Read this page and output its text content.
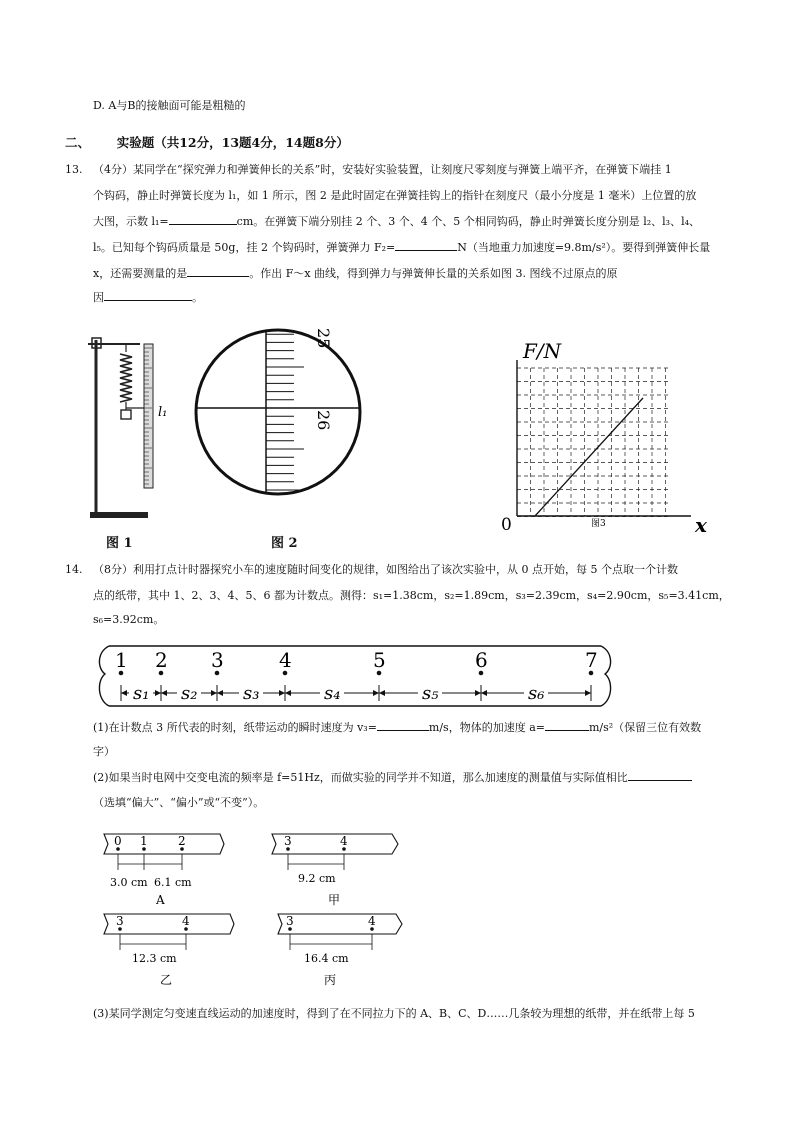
D. A与B的接触面可能是粗糙的
二、 实验题（共12分，13题4分，14题8分）
13. （4分）某同学在“探究弹力和弹簧伸长的关系”时，安装好实验装置，让刻度尺零刻度与弹簧上端平齐，在弹簧下端挂 1
个钩码，静止时弹簧长度为 l₁，如 1 所示，图 2 是此时固定在弹簧挂钩上的指针在刻度尺（最小分度是 1 毫米）上位置的放
大图，示数 l₁=	cm。在弹簧下端分别挂 2 个、3 个、4 个、5 个相同钩码，静止时弹簧长度分别是 l₂、l₃、l₄、
l₅。已知每个钩码质量是 50g，挂 2 个钩码时，弹簧弹力 F₂=	N（当地重力加速度=9.8m/s²）。要得到弹簧伸长量
x，还需要测量的是	。作出 F～x 曲线，得到弹力与弹簧伸长量的关系如图 3. 图线不过原点的原
因	。
l₁
图 1
25
26
图 2
F/N
0	x
图3
14. （8分）利用打点计时器探究小车的速度随时间变化的规律，如图给出了该次实验中，从 0 点开始，每 5 个点取一个计数
点的纸带，其中 1、2、3、4、5、6 都为计数点。测得：s₁=1.38cm，s₂=1.89cm，s₃=2.39cm，s₄=2.90cm，s₅=3.41cm，
s₆=3.92cm。
1 2 3	4	5	6	7
s₁ s₂	s₃	s₄	s₅	s₆
(1)在计数点 3 所代表的时刻，纸带运动的瞬时速度为 v₃=	m/s，物体的加速度 a=	m/s²（保留三位有效数
字）
(2)如果当时电网中交变电流的频率是 f=51Hz，而做实验的同学并不知道，那么加速度的测量值与实际值相比
（选填“偏大”、“偏小”或“不变”）。
0 1	2
3.0 cm 6.1 cm
A
3	4
9.2 cm
甲
3	4
12.3 cm
乙
3	4
16.4 cm
丙
(3)某同学测定匀变速直线运动的加速度时，得到了在不同拉力下的 A、B、C、D……几条较为理想的纸带，并在纸带上每 5
